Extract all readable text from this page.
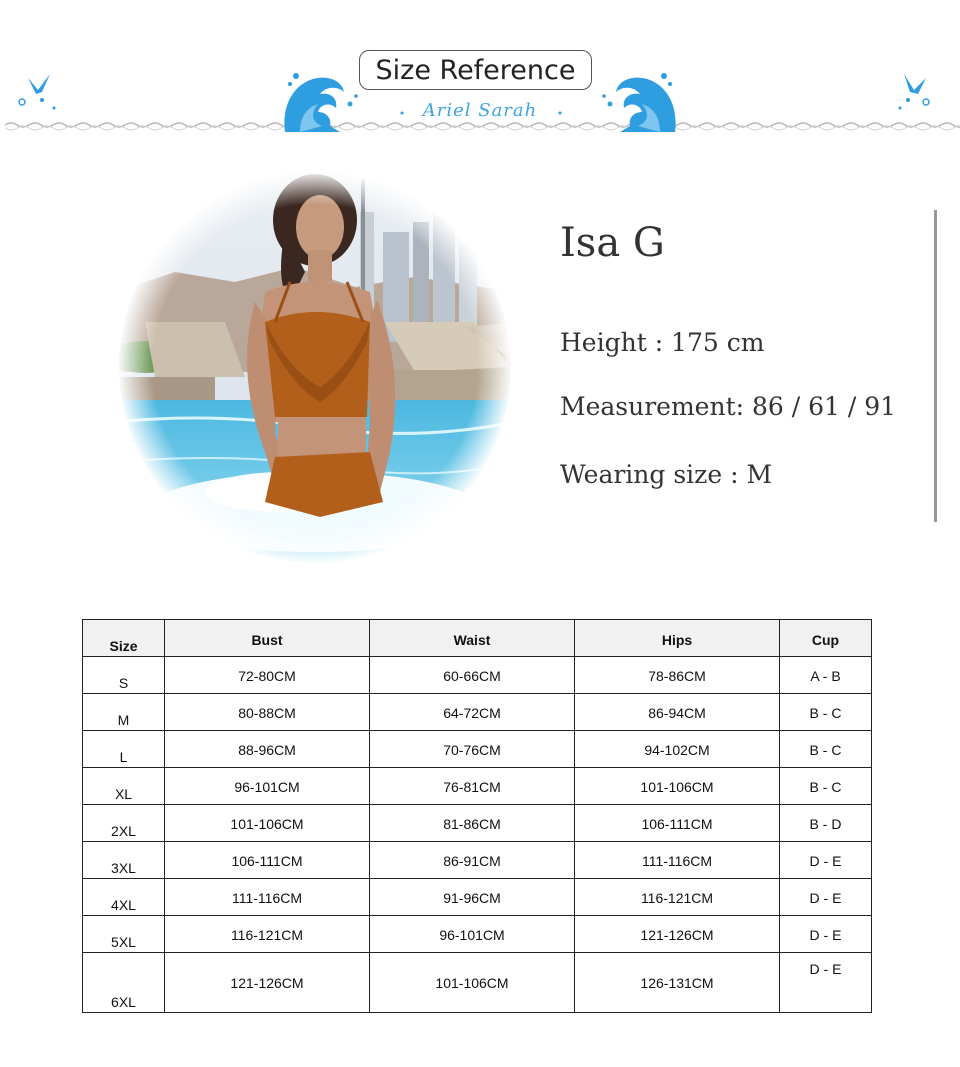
Size Reference
Ariel Sarah
Isa G
Height : 175 cm
Measurement: 86 / 61 / 91
Wearing size : M
Size	Bust	Waist	Hips	Cup
S	72-80CM	60-66CM	78-86CM	A - B
M	80-88CM	64-72CM	86-94CM	B - C
L	88-96CM	70-76CM	94-102CM	B - C
XL	96-101CM	76-81CM	101-106CM	B - C
2XL	101-106CM	81-86CM	106-111CM	B - D
3XL	106-111CM	86-91CM	111-116CM	D - E
4XL	111-116CM	91-96CM	116-121CM	D - E
5XL	116-121CM	96-101CM	121-126CM	D - E
6XL	121-126CM	101-106CM	126-131CM	D - E
